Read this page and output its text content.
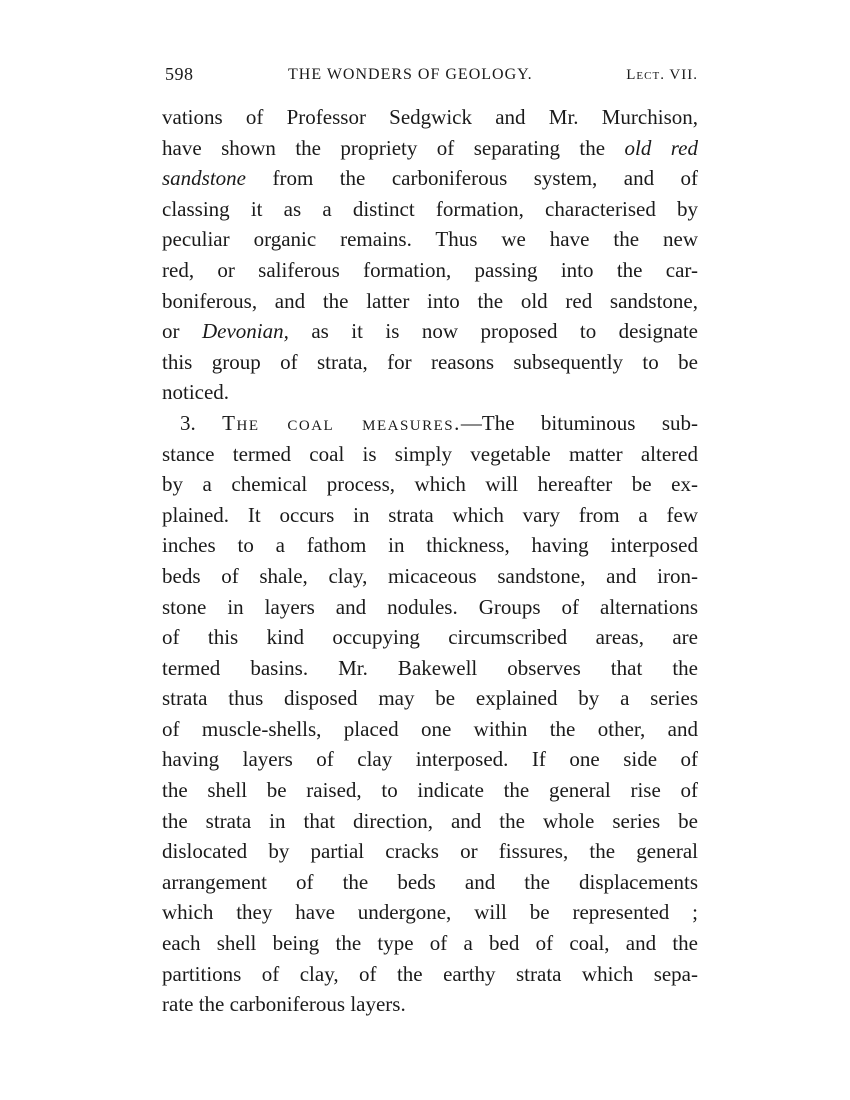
598	THE WONDERS OF GEOLOGY.	Lect. VII.
vations of Professor Sedgwick and Mr. Murchison,
have shown the propriety of separating the old red
sandstone from the carboniferous system, and of
classing it as a distinct formation, characterised by
peculiar organic remains. Thus we have the new
red, or saliferous formation, passing into the car-
boniferous, and the latter into the old red sandstone,
or Devonian, as it is now proposed to designate
this group of strata, for reasons subsequently to be
noticed.
3. The coal measures.—The bituminous sub-
stance termed coal is simply vegetable matter altered
by a chemical process, which will hereafter be ex-
plained. It occurs in strata which vary from a few
inches to a fathom in thickness, having interposed
beds of shale, clay, micaceous sandstone, and iron-
stone in layers and nodules. Groups of alternations
of this kind occupying circumscribed areas, are
termed basins. Mr. Bakewell observes that the
strata thus disposed may be explained by a series
of muscle-shells, placed one within the other, and
having layers of clay interposed. If one side of
the shell be raised, to indicate the general rise of
the strata in that direction, and the whole series be
dislocated by partial cracks or fissures, the general
arrangement of the beds and the displacements
which they have undergone, will be represented ;
each shell being the type of a bed of coal, and the
partitions of clay, of the earthy strata which sepa-
rate the carboniferous layers.
